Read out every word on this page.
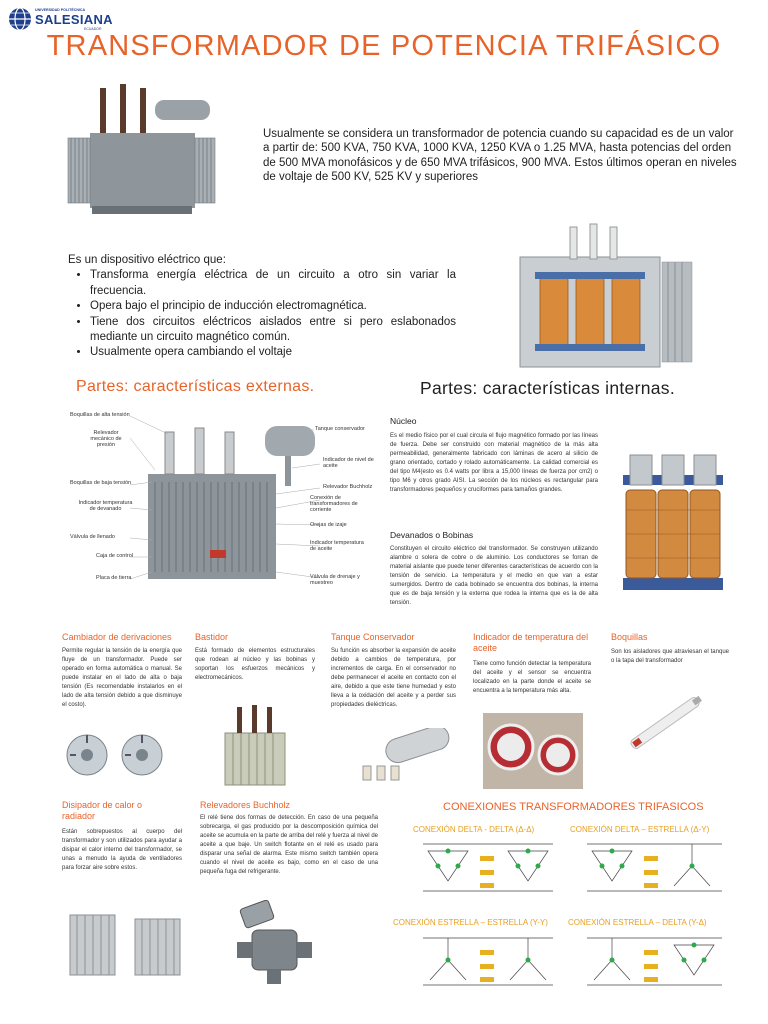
UNIVERSIDAD POLITÉCNICA
SALESIANA
ECUADOR
TRANSFORMADOR DE POTENCIA TRIFÁSICO
Usualmente se considera un transformador de potencia cuando su capacidad es de un valor a partir de: 500 KVA, 750 KVA, 1000 KVA, 1250 KVA o 1.25 MVA, hasta potencias del orden de 500 MVA monofásicos y de 650 MVA trifásicos, 900 MVA. Estos últimos operan en niveles de voltaje de 500 KV, 525 KV y superiores
Es un dispositivo eléctrico que:
• Transforma energía eléctrica de un circuito a otro sin variar la frecuencia.
• Opera bajo el principio de inducción electromagnética.
• Tiene dos circuitos eléctricos aislados entre si pero eslabonados mediante un circuito magnético común.
• Usualmente opera cambiando el voltaje
Partes: características externas.	Partes: características internas.
Boquillas de alta tensión
Relevador mecánico de presión
Boquillas de baja tensión
Indicador temperatura de devanado
Válvula de llenado
Caja de control
Placa de tierra
Tanque conservador
Indicador de nivel de aceite
Relevador Buchholz
Conexión de transformadores de corriente
Orejas de izaje
Indicador temperatura de aceite
Válvula de drenaje y muestreo
Núcleo
Es el medio físico por el cual circula el flujo magnético formado por las líneas de fuerza. Debe ser construido con material magnético de la más alta permeabilidad, generalmente fabricado con láminas de acero al silicio de grano orientado, cortado y rolado automáticamente. La calidad comercial es del tipo M4(esto es 0.4 watts por libra a 15,000 líneas de fuerza por cm2) o tipo M6 y otros grado AISI. La sección de los núcleos es rectangular para transformadores pequeños y cruciformes para tamaños grandes.
Devanados o Bobinas
Constituyen el circuito eléctrico del transformador. Se construyen utilizando alambre o solera de cobre o de aluminio. Los conductores se forran de material aislante que puede tener diferentes características de acuerdo con la tensión de servicio. La temperatura y el medio en que van a estar sumergidos. Dentro de cada bobinado se encuentra dos bobinas, la interna que es de baja tensión y la externa que rodea la interna que es la de alta tensión.
Cambiador de derivaciones
Permite regular la tensión de la energía que fluye de un transformador. Puede ser operado en forma automática o manual. Se puede instalar en el lado de alta o baja tensión (Es recomendable instalarlos en el lado de alta tensión debido a que disminuye el costo).
Bastidor
Está formado de elementos estructurales que rodean al núcleo y las bobinas y soportan los esfuerzos mecánicos y electromecánicos.
Tanque Conservador
Su función es absorber la expansión de aceite debido a cambios de temperatura, por incrementos de carga. En el conservador no debe permanecer el aceite en contacto con el aire, debido a que este tiene humedad y esto lleva a la oxidación del aceite y a perder sus propiedades dieléctricas.
Indicador de temperatura del aceite
Tiene como función detectar la temperatura del aceite y el sensor se encuentra localizado en la parte donde el aceite se encuentra a la temperatura más alta.
Boquillas
Son los aisladores que atraviesan el tanque o la tapa del transformador
Disipador de calor o radiador
Están sobrepuestos al cuerpo del transformador y son utilizados para ayudar a disipar el calor interno del transformador, se unas a menudo la ayuda de ventiladores para forzar aire sobre estos.
Relevadores Buchholz
El relé tiene dos formas de detección. En caso de una pequeña sobrecarga, el gas producido por la descomposición química del aceite se acumula en la parte de arriba del relé y fuerza al nivel de aceite a que baje. Un switch flotante en el relé es usado para disparar una señal de alarma. Este mismo switch también opera cuando el nivel de aceite es bajo, como en el caso de una pequeña fuga del refrigerante.
CONEXIONES TRANSFORMADORES TRIFASICOS
CONEXIÓN DELTA - DELTA (Δ-Δ)	CONEXIÓN DELTA – ESTRELLA (Δ-Y)
CONEXIÓN ESTRELLA – ESTRELLA (Y-Y)	CONEXIÓN ESTRELLA – DELTA (Y-Δ)
